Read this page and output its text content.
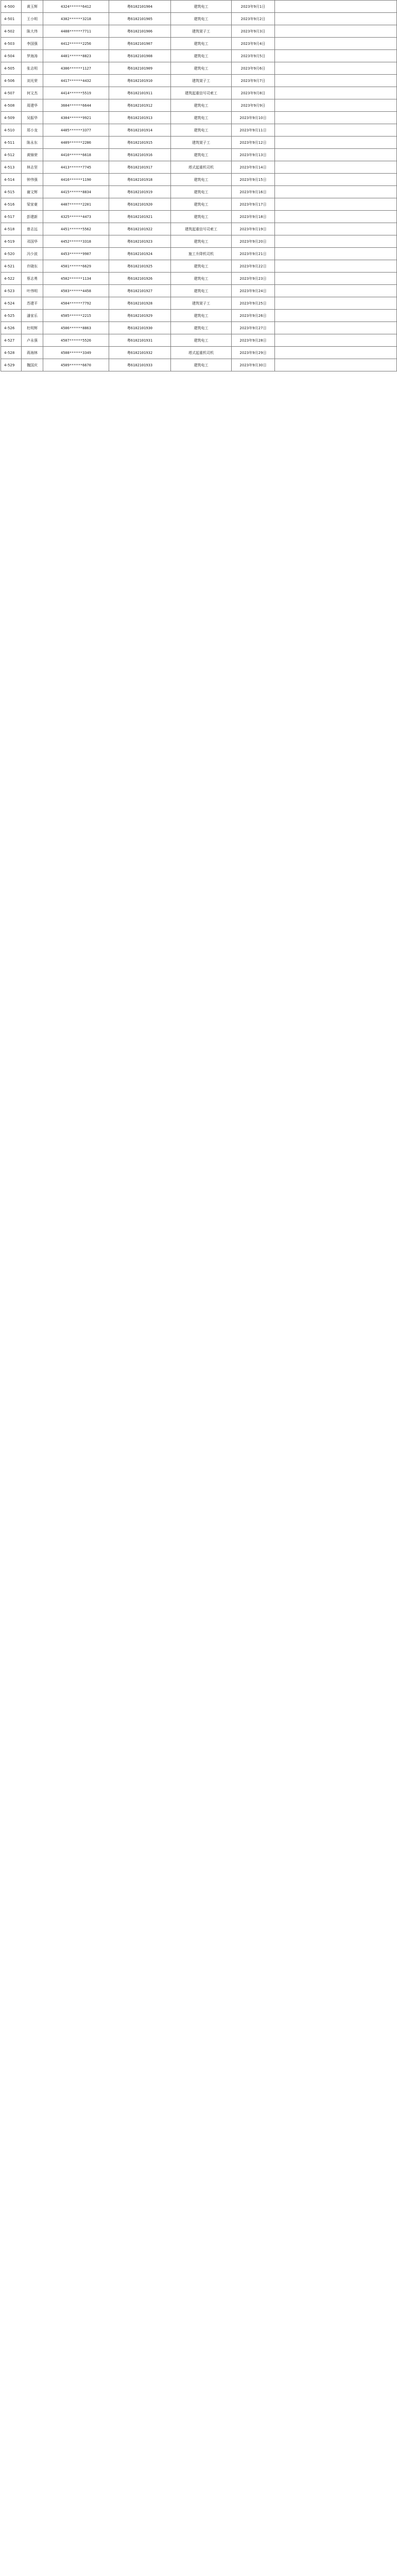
4-500	黄玉辉	4324******6412	粤6102101904	建筑电工	2023年9月1日	
4-501	王小明	4302******3218	粤6102101905	建筑电工	2023年9月2日	
4-502	陈大伟	4408******7711	粤6102101906	建筑架子工	2023年9月3日	
4-503	李国强	4412******2256	粤6102101907	建筑电工	2023年9月4日	
4-504	罗海涛	4401******8823	粤6102101908	建筑电工	2023年9月5日	
4-505	张志明	4306******1127	粤6102101909	建筑电工	2023年9月6日	
4-506	刘光荣	4417******4432	粤6102101910	建筑架子工	2023年9月7日	
4-507	何文杰	4414******5519	粤6102101911	建筑起重信号司索工	2023年9月8日	
4-508	周建华	3604******6644	粤6102101912	建筑电工	2023年9月9日	
4-509	吴振华	4304******9921	粤6102101913	建筑电工	2023年9月10日	
4-510	郑小龙	4405******3377	粤6102101914	建筑电工	2023年9月11日	
4-511	陈永东	4409******2286	粤6102101915	建筑架子工	2023年9月12日	
4-512	黄锦荣	4410******6618	粤6102101916	建筑电工	2023年9月13日	
4-513	林志坚	4413******7745	粤6102101917	塔式起重机司机	2023年9月14日	
4-514	钟伟强	4416******1190	粤6102101918	建筑电工	2023年9月15日	
4-515	谢文辉	4415******8834	粤6102101919	建筑电工	2023年9月16日	
4-516	梁家豪	4407******2201	粤6102101920	建筑电工	2023年9月17日	
4-517	彭建新	4325******4473	粤6102101921	建筑电工	2023年9月18日	
4-518	曾志远	4451******5562	粤6102101922	建筑起重信号司索工	2023年9月19日	
4-519	邓国华	4452******3318	粤6102101923	建筑电工	2023年9月20日	
4-520	冯少波	4453******9907	粤6102101924	施工升降机司机	2023年9月21日	
4-521	许晓东	4501******6629	粤6102101925	建筑电工	2023年9月22日	
4-522	蔡志勇	4502******1134	粤6102101926	建筑电工	2023年9月23日	
4-523	叶伟明	4503******4458	粤6102101927	建筑电工	2023年9月24日	
4-524	苏建平	4504******7792	粤6102101928	建筑架子工	2023年9月25日	
4-525	潘家乐	4505******2215	粤6102101929	建筑电工	2023年9月26日	
4-526	杜明辉	4506******8863	粤6102101930	建筑电工	2023年9月27日	
4-527	卢永强	4507******5526	粤6102101931	建筑电工	2023年9月28日	
4-528	蒋海林	4508******3349	粤6102101932	塔式起重机司机	2023年9月29日	
4-529	魏国庆	4509******6670	粤6102101933	建筑电工	2023年9月30日	
